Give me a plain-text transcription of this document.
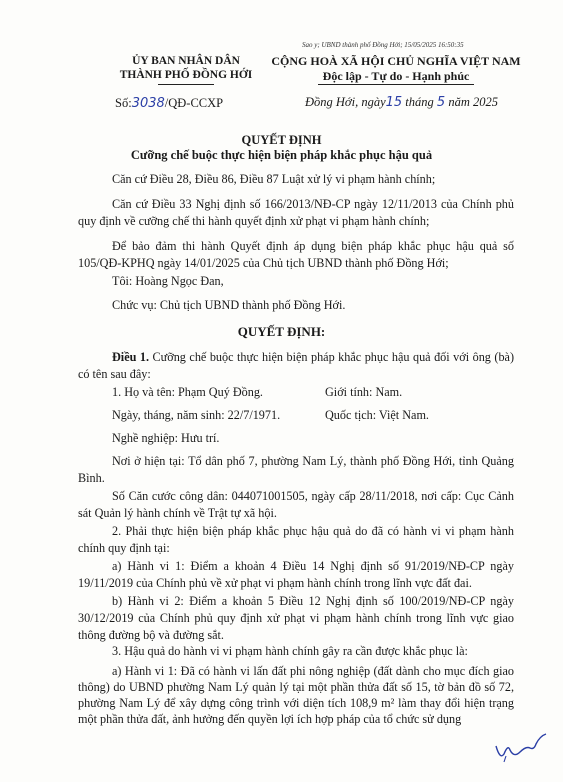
Sao y; UBND thành phố Đồng Hới; 15/05/2025 16:50:35
ỦY BAN NHÂN DÂN
THÀNH PHỐ ĐỒNG HỚI
CỘNG HOÀ XÃ HỘI CHỦ NGHĨA VIỆT NAM
Độc lập - Tự do - Hạnh phúc
Số:3038/QĐ-CCXP	Đồng Hới, ngày15 tháng 5 năm 2025
QUYẾT ĐỊNH
Cưỡng chế buộc thực hiện biện pháp khắc phục hậu quả
Căn cứ Điều 28, Điều 86, Điều 87 Luật xử lý vi phạm hành chính;
Căn cứ Điều 33 Nghị định số 166/2013/NĐ-CP ngày 12/11/2013 của Chính phủ quy định về cưỡng chế thi hành quyết định xử phạt vi phạm hành chính;
Để bảo đảm thi hành Quyết định áp dụng biện pháp khắc phục hậu quả số 105/QĐ-KPHQ ngày 14/01/2025 của Chủ tịch UBND thành phố Đồng Hới;
Tôi: Hoàng Ngọc Đan,
Chức vụ: Chủ tịch UBND thành phố Đồng Hới.
QUYẾT ĐỊNH:
Điều 1. Cưỡng chế buộc thực hiện biện pháp khắc phục hậu quả đối với ông (bà) có tên sau đây:
1. Họ và tên: Phạm Quý Đồng.	Giới tính: Nam.
Ngày, tháng, năm sinh: 22/7/1971.	Quốc tịch: Việt Nam.
Nghề nghiệp: Hưu trí.
Nơi ở hiện tại: Tổ dân phố 7, phường Nam Lý, thành phố Đồng Hới, tỉnh Quảng Bình.
Số Căn cước công dân: 044071001505, ngày cấp 28/11/2018, nơi cấp: Cục Cảnh sát Quản lý hành chính về Trật tự xã hội.
2. Phải thực hiện biện pháp khắc phục hậu quả do đã có hành vi vi phạm hành chính quy định tại:
a) Hành vi 1: Điểm a khoản 4 Điều 14 Nghị định số 91/2019/NĐ-CP ngày 19/11/2019 của Chính phủ về xử phạt vi phạm hành chính trong lĩnh vực đất đai.
b) Hành vi 2: Điểm a khoản 5 Điều 12 Nghị định số 100/2019/NĐ-CP ngày 30/12/2019 của Chính phủ quy định xử phạt vi phạm hành chính trong lĩnh vực giao thông đường bộ và đường sắt.
3. Hậu quả do hành vi vi phạm hành chính gây ra cần được khắc phục là:
a) Hành vi 1: Đã có hành vi lấn đất phi nông nghiệp (đất dành cho mục đích giao thông) do UBND phường Nam Lý quản lý tại một phần thửa đất số 15, tờ bản đồ số 72, phường Nam Lý để xây dựng công trình với diện tích 108,9 m² làm thay đổi hiện trạng một phần thửa đất, ảnh hưởng đến quyền lợi ích hợp pháp của tổ chức sử dụng
